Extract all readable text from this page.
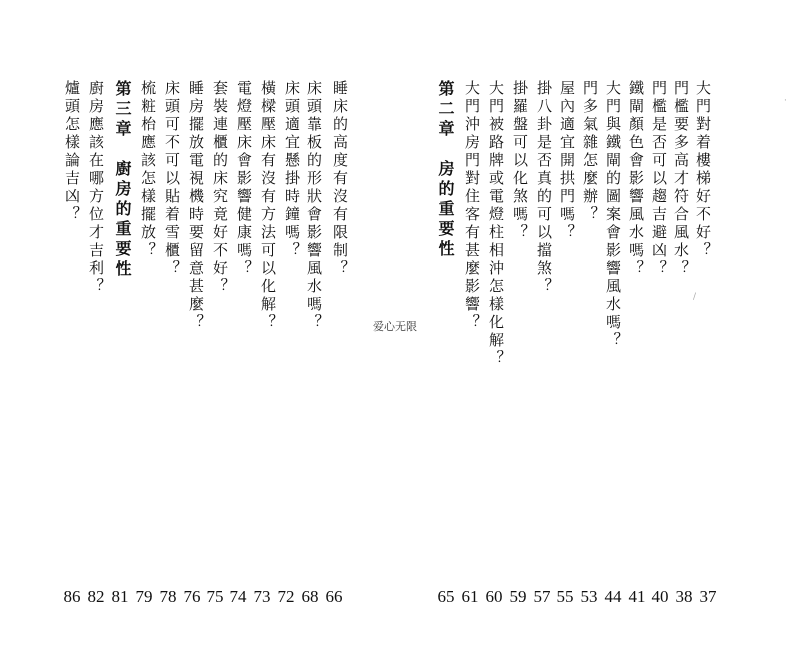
大門對着樓梯好不好？
門檻要多高才符合風水？
門檻是否可以趨吉避凶？
鐵閘顏色會影響風水嗎？
大門與鐵閘的圖案會影響風水嗎？
門多氣雜怎麼辦？
屋內適宜開拱門嗎？
掛八卦是否真的可以擋煞？
掛羅盤可以化煞嗎？
大門被路牌或電燈柱相沖怎樣化解？
大門沖房門對住客有甚麼影響？
第二章　房的重要性
睡床的高度有沒有限制？
床頭靠板的形狀會影響風水嗎？
床頭適宜懸掛時鐘嗎？
橫樑壓床有沒有方法可以化解？
電燈壓床會影響健康嗎？
套裝連櫃的床究竟好不好？
睡房擺放電視機時要留意甚麼？
床頭可不可以貼着雪櫃？
梳粧枱應該怎樣擺放？
第三章　廚房的重要性
廚房應該在哪方位才吉利？
爐頭怎樣論吉凶？
爱心无限
86 82 81 79 78 76 75 74 73 72 68 66	65 61 60 59 57 55 53 44 41 40 38 37
·
∕
